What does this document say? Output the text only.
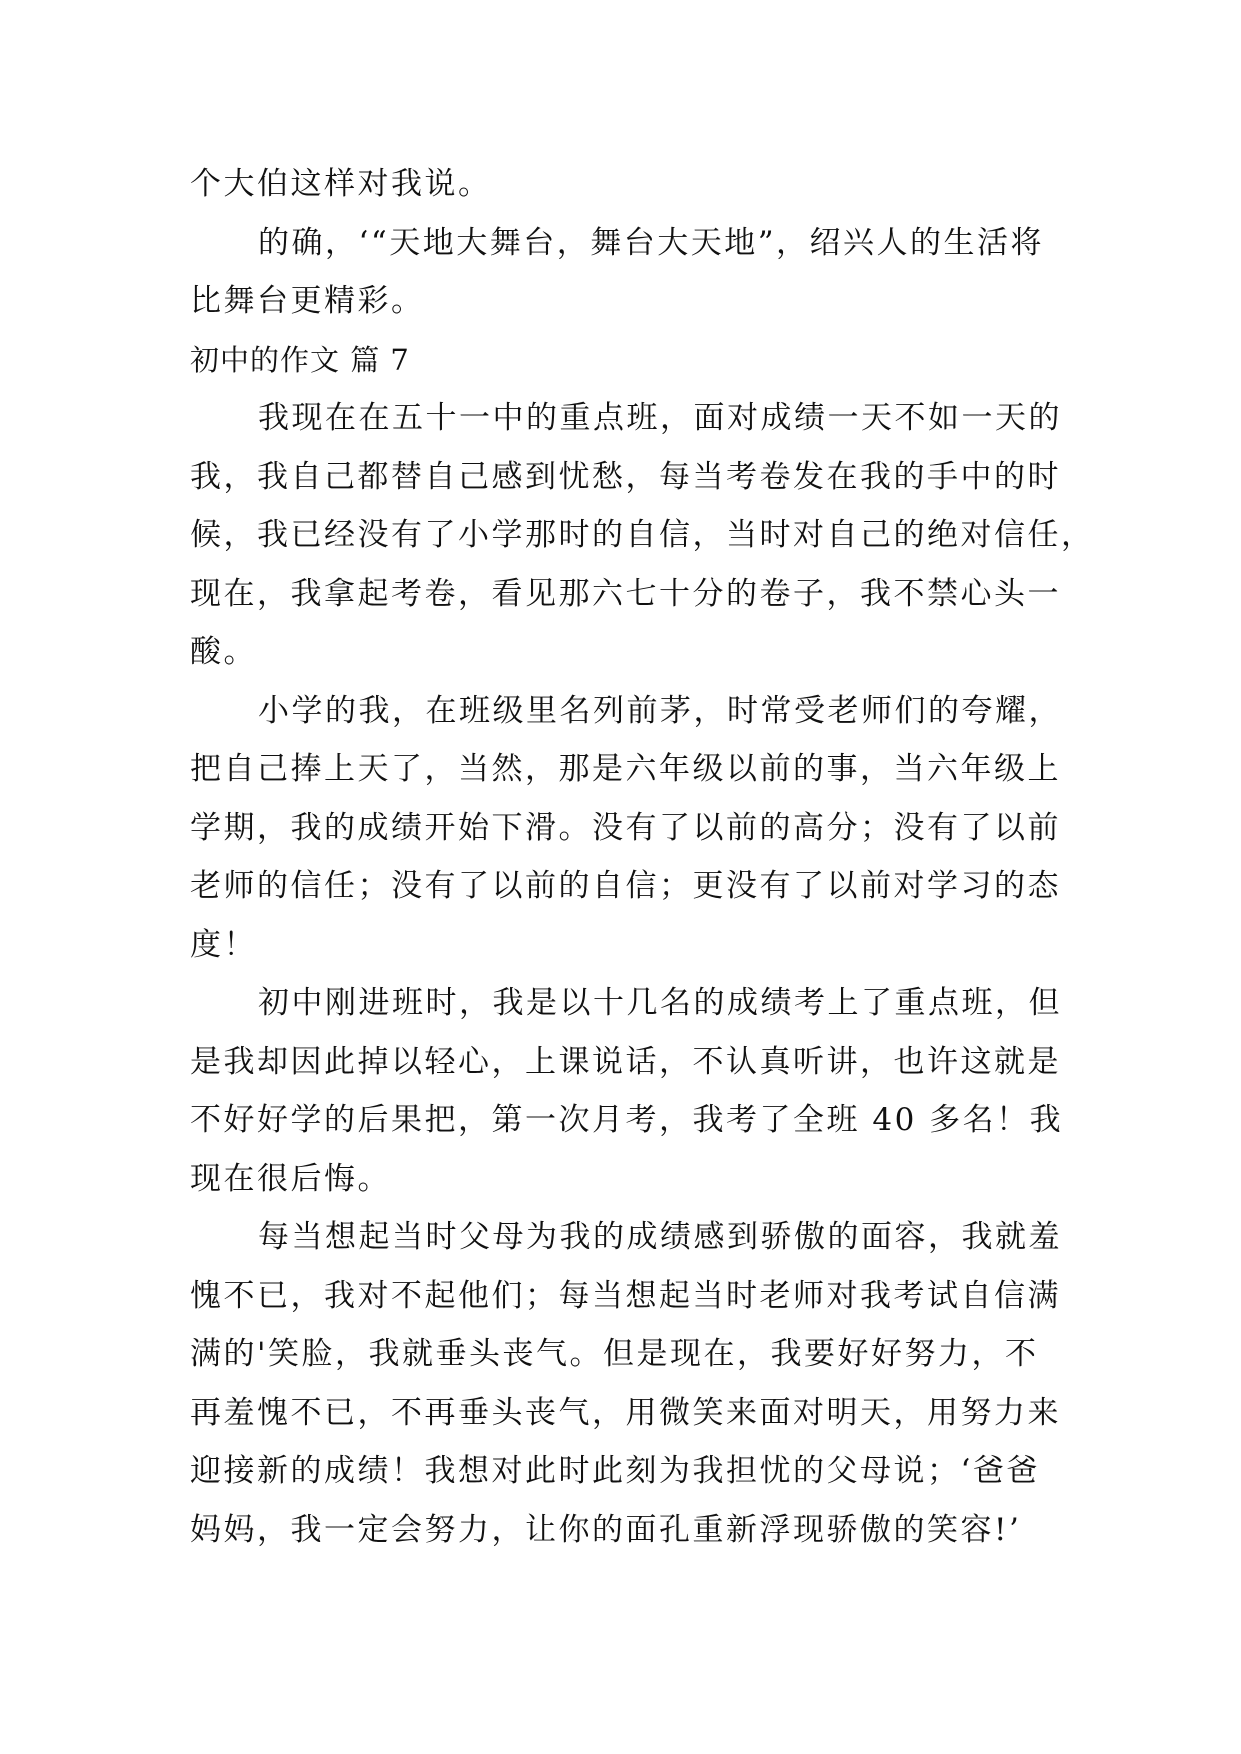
个大伯这样对我说。

的确，‘“天地大舞台，舞台大天地”，绍兴人的生活将

比舞台更精彩。

初中的作文 篇 7

我现在在五十一中的重点班，面对成绩一天不如一天的

我，我自己都替自己感到忧愁，每当考卷发在我的手中的时

候，我已经没有了小学那时的自信，当时对自己的绝对信任，

现在，我拿起考卷，看见那六七十分的卷子，我不禁心头一

酸。

小学的我，在班级里名列前茅，时常受老师们的夸耀，

把自己捧上天了，当然，那是六年级以前的事，当六年级上

学期，我的成绩开始下滑。没有了以前的高分；没有了以前

老师的信任；没有了以前的自信；更没有了以前对学习的态

度！

初中刚进班时，我是以十几名的成绩考上了重点班，但

是我却因此掉以轻心，上课说话，不认真听讲，也许这就是

不好好学的后果把，第一次月考，我考了全班 40 多名！我

现在很后悔。

每当想起当时父母为我的成绩感到骄傲的面容，我就羞

愧不已，我对不起他们；每当想起当时老师对我考试自信满

满的'笑脸，我就垂头丧气。但是现在，我要好好努力，不

再羞愧不已，不再垂头丧气，用微笑来面对明天，用努力来

迎接新的成绩！我想对此时此刻为我担忧的父母说；‘爸爸

妈妈，我一定会努力，让你的面孔重新浮现骄傲的笑容!’
